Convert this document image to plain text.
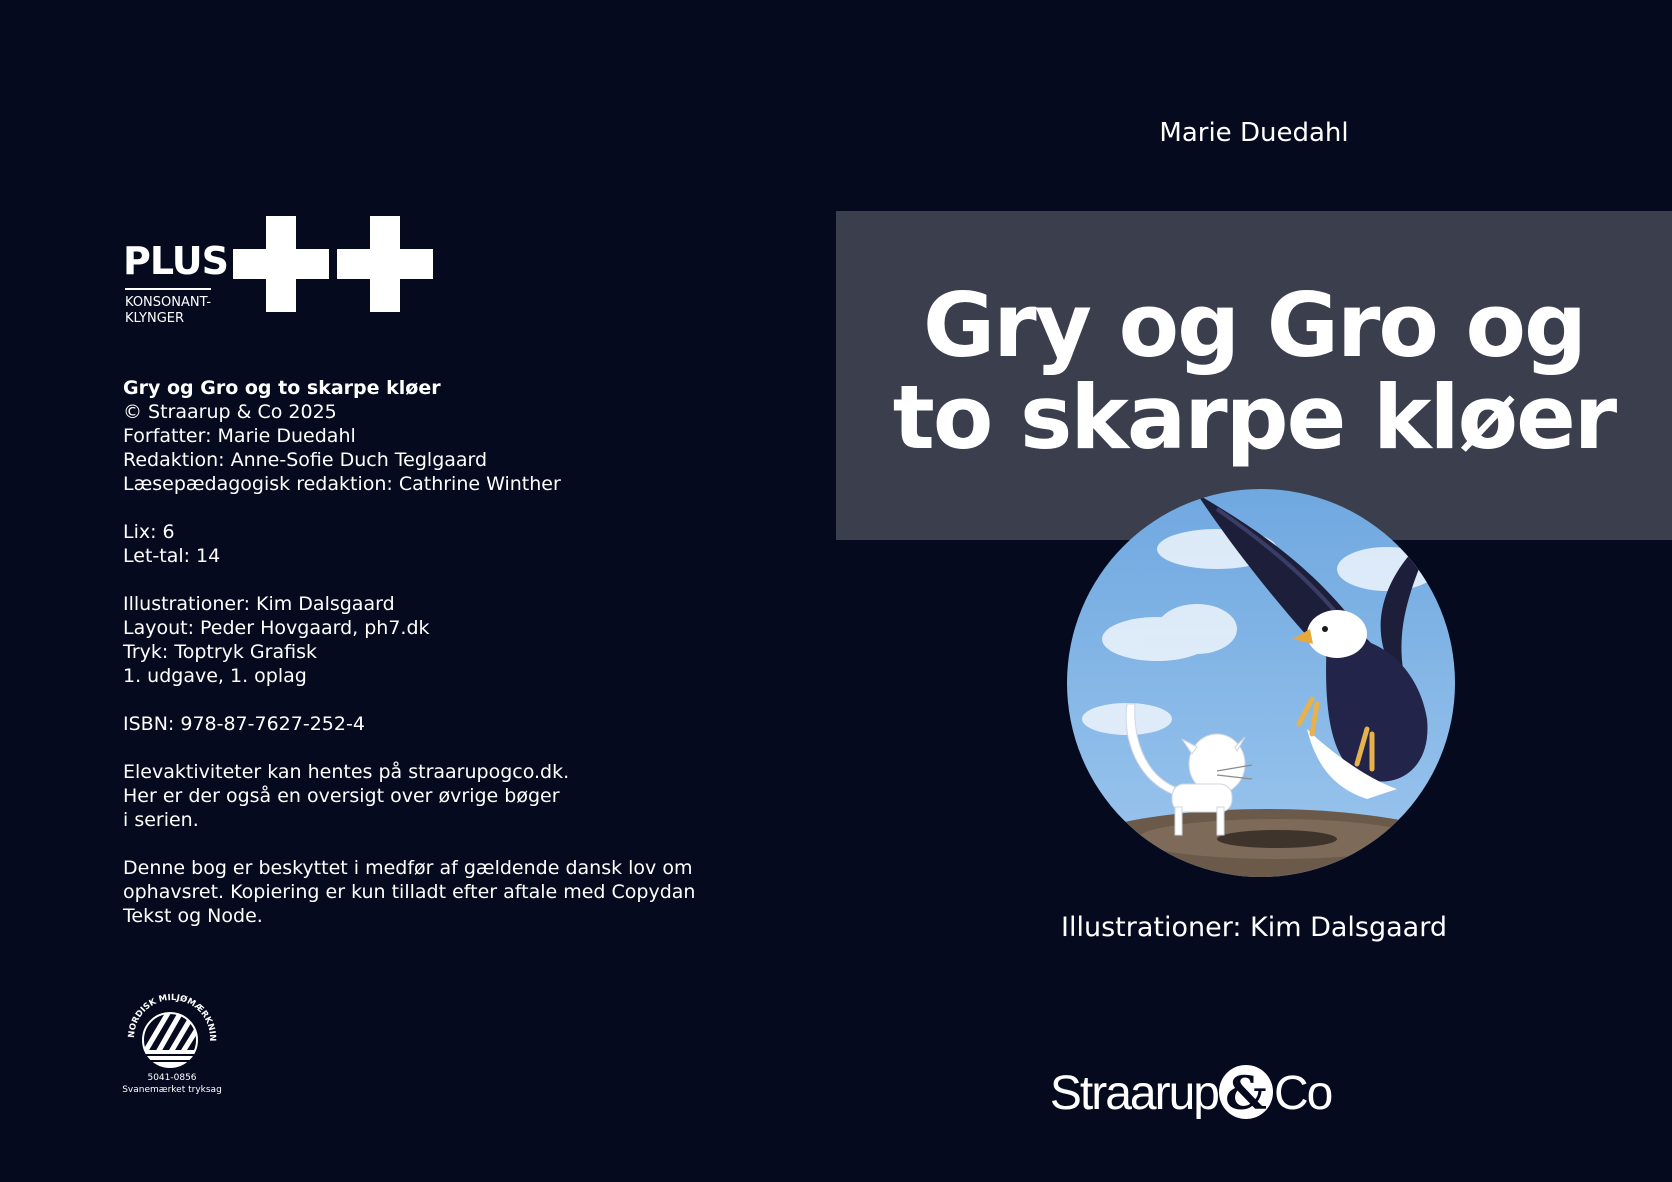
PLUS
KONSONANT-
KLYNGER
Gry og Gro og to skarpe kløer
© Straarup & Co 2025
Forfatter: Marie Duedahl
Redaktion: Anne-Sofie Duch Teglgaard
Læsepædagogisk redaktion: Cathrine Winther
Lix: 6
Let-tal: 14
Illustrationer: Kim Dalsgaard
Layout: Peder Hovgaard, ph7.dk
Tryk: Toptryk Grafisk
1. udgave, 1. oplag
ISBN: 978-87-7627-252-4
Elevaktiviteter kan hentes på straarupogco.dk.
Her er der også en oversigt over øvrige bøger
i serien.
Denne bog er beskyttet i medfør af gældende dansk lov om
ophavsret. Kopiering er kun tilladt efter aftale med Copydan
Tekst og Node.
NORDISK MILJØMÆRKNIN
5041-0856
Svanemærket tryksag
Marie Duedahl
Gry og Gro og
to skarpe kløer
Illustrationer: Kim Dalsgaard
Straarup & Co
